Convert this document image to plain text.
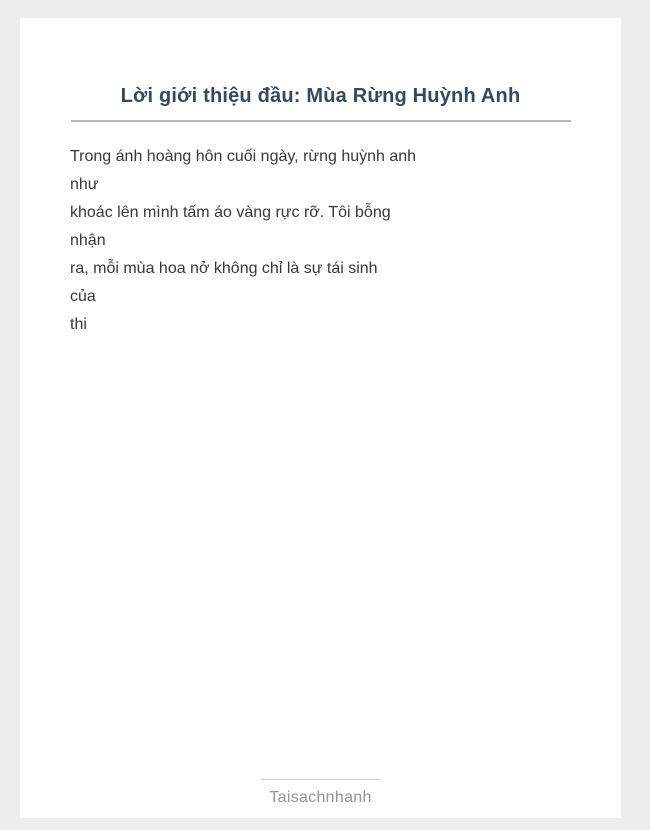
Lời giới thiệu đầu: Mùa Rừng Huỳnh Anh
Trong ánh hoàng hôn cuối ngày, rừng huỳnh anh
như
khoác lên mình tấm áo vàng rực rỡ. Tôi bỗng
nhận
ra, mỗi mùa hoa nở không chỉ là sự tái sinh
của
thi
Taisachnhanh
